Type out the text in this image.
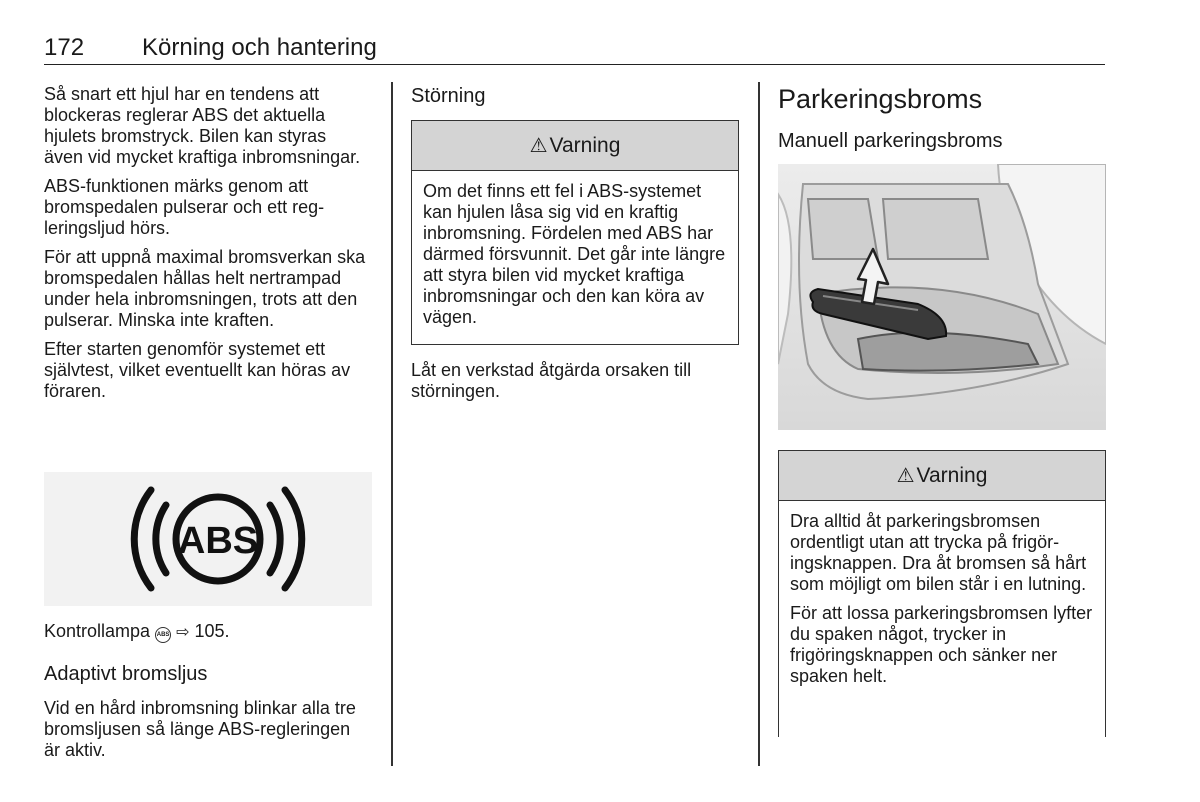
172 Körning och hantering

Så snart ett hjul har en tendens att blockeras reglerar ABS det aktuella hjulets bromstryck. Bilen kan styras även vid mycket kraftiga inbromsningar.

ABS-funktionen märks genom att bromspedalen pulserar och ett regleringsljud hörs.

För att uppnå maximal bromsverkan ska bromspedalen hållas helt nertrampad under hela inbromsningen, trots att den pulserar. Minska inte kraften.

Efter starten genomför systemet ett självtest, vilket eventuellt kan höras av föraren.

ABS

Kontrollampa ABS ⇨ 105.

Adaptivt bromsljus

Vid en hård inbromsning blinkar alla tre bromsljusen så länge ABS-regleringen är aktiv.

Störning
⚠ Varning

Om det finns ett fel i ABS-systemet kan hjulen låsa sig vid en kraftig inbromsning. Fördelen med ABS har därmed försvunnit. Det går inte längre att styra bilen vid mycket kraftiga inbromsningar och den kan köra av vägen.

Låt en verkstad åtgärda orsaken till störningen.

Parkeringsbroms
Manuell parkeringsbroms
⚠ Varning

Dra alltid åt parkeringsbromsen ordentligt utan att trycka på frigöringsknappen. Dra åt bromsen så hårt som möjligt om bilen står i en lutning.

För att lossa parkeringsbromsen lyfter du spaken något, trycker in frigöringsknappen och sänker ner spaken helt.
